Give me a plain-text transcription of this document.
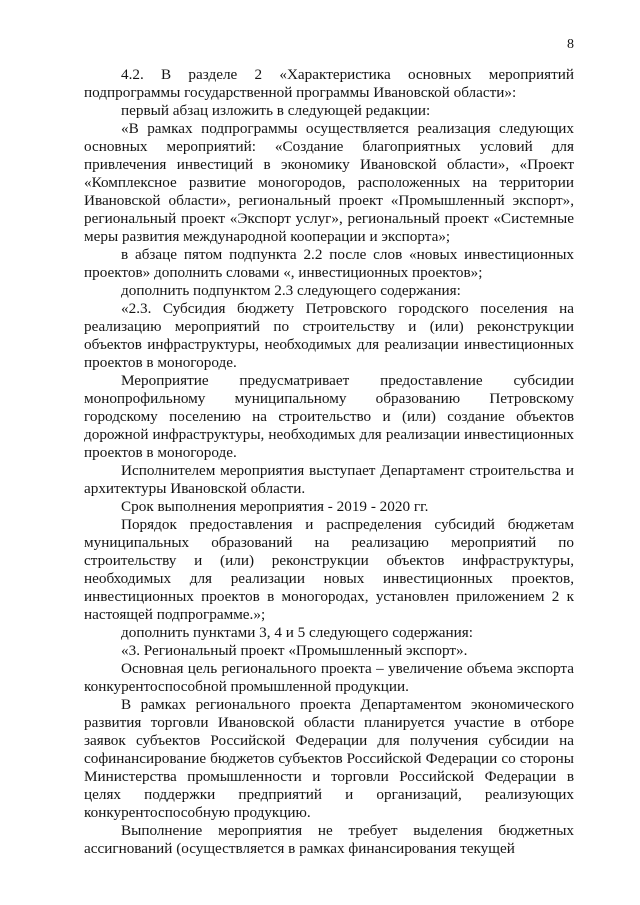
8

4.2. В разделе 2 «Характеристика основных мероприятий подпрограммы государственной программы Ивановской области»:

первый абзац изложить в следующей редакции:

«В рамках подпрограммы осуществляется реализация следующих основных мероприятий: «Создание благоприятных условий для привлечения инвестиций в экономику Ивановской области», «Проект «Комплексное развитие моногородов, расположенных на территории Ивановской области», региональный проект «Промышленный экспорт», региональный проект «Экспорт услуг», региональный проект «Системные меры развития международной кооперации и экспорта»;

в абзаце пятом подпункта 2.2 после слов «новых инвестиционных проектов» дополнить словами «, инвестиционных проектов»;

дополнить подпунктом 2.3 следующего содержания:

«2.3. Субсидия бюджету Петровского городского поселения на реализацию мероприятий по строительству и (или) реконструкции объектов инфраструктуры, необходимых для реализации инвестиционных проектов в моногороде.

Мероприятие предусматривает предоставление субсидии монопрофильному муниципальному образованию Петровскому городскому поселению на строительство и (или) создание объектов дорожной инфраструктуры, необходимых для реализации инвестиционных проектов в моногороде.

Исполнителем мероприятия выступает Департамент строительства и архитектуры Ивановской области.

Срок выполнения мероприятия - 2019 - 2020 гг.

Порядок предоставления и распределения субсидий бюджетам муниципальных образований на реализацию мероприятий по строительству и (или) реконструкции объектов инфраструктуры, необходимых для реализации новых инвестиционных проектов, инвестиционных проектов в моногородах, установлен приложением 2 к настоящей подпрограмме.»;

дополнить пунктами 3, 4 и 5 следующего содержания:

«3. Региональный проект «Промышленный экспорт».

Основная цель регионального проекта – увеличение объема экспорта конкурентоспособной промышленной продукции.

В рамках регионального проекта Департаментом экономического развития торговли Ивановской области планируется участие в отборе заявок субъектов Российской Федерации для получения субсидии на софинансирование бюджетов субъектов Российской Федерации со стороны Министерства промышленности и торговли Российской Федерации в целях поддержки предприятий и организаций, реализующих конкурентоспособную продукцию.

Выполнение мероприятия не требует выделения бюджетных ассигнований (осуществляется в рамках финансирования текущей
